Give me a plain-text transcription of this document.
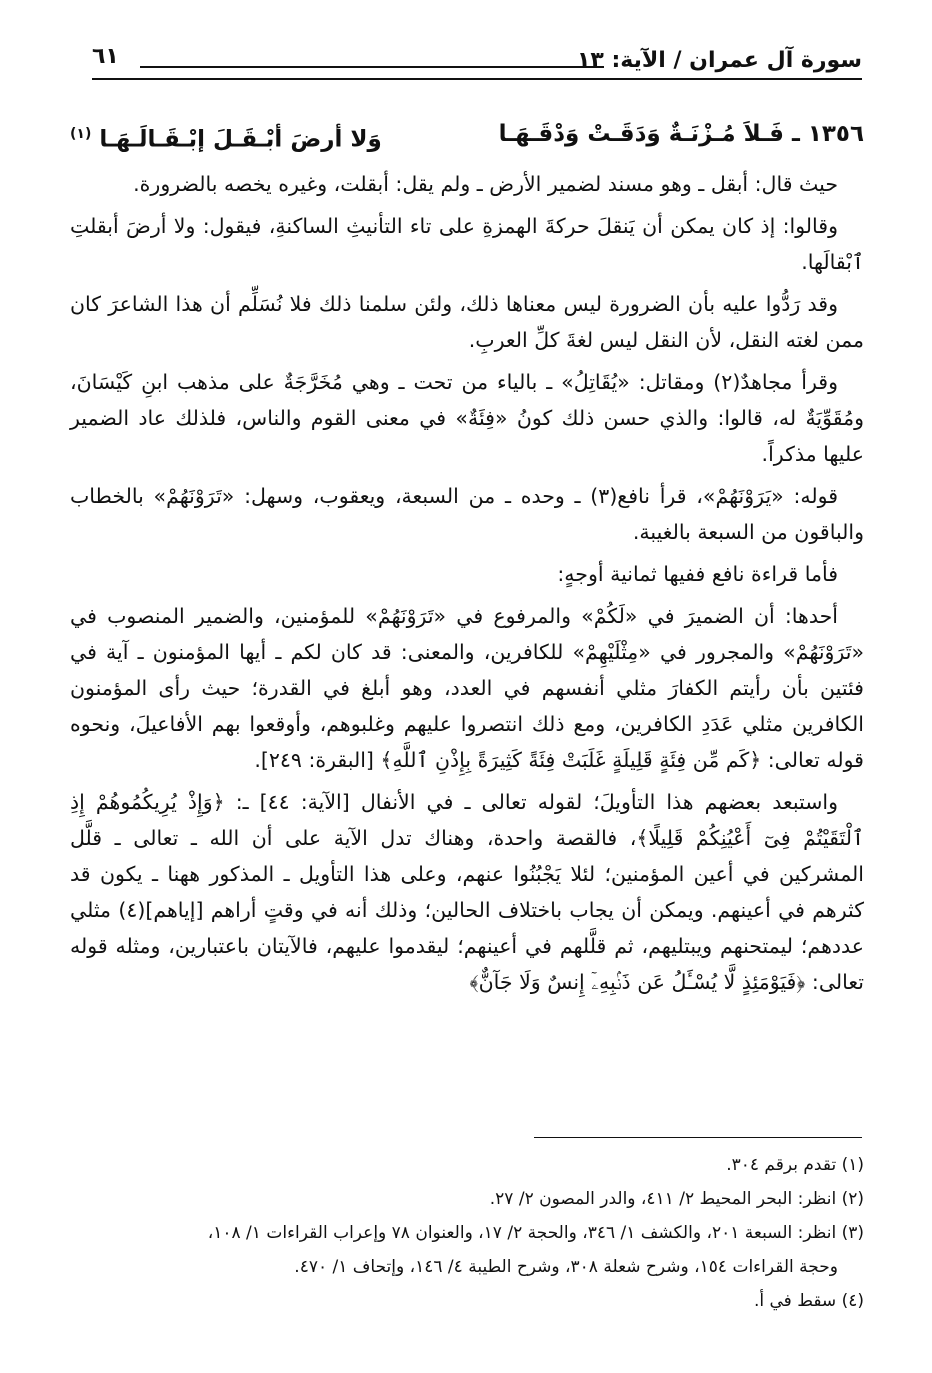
سورة آل عمران / الآية: ١٣
٦١

١٣٥٦ ـ فَـلاَ مُـزْنَـةٌ وَدَقَـتْ وَدْقَـهَـا
وَلا أرضَ أبْـقَـلَ إبْـقَـالَـهَـا $^{(١)}$

حيث قال: أبقل ـ وهو مسند لضمير الأرض ـ ولم يقل: أبقلت، وغيره يخصه بالضرورة.

وقالوا: إذ كان يمكن أن يَنقلَ حركةَ الهمزةِ على تاء التأنيثِ الساكنةِ، فيقول: ولا أرضَ أبقلتِ ٱبْقالَها.

وقد رَدُّوا عليه بأن الضرورة ليس معناها ذلك، ولئن سلمنا ذلك فلا نُسَلِّم أن هذا الشاعرَ كان ممن لغته النقل، لأن النقل ليس لغةَ كلِّ العربِ.

وقرأ مجاهدٌ(٢) ومقاتل: «يُقَاتِلُ» ـ بالياء من تحت ـ وهي مُخَرَّجَةٌ على مذهب ابنِ كَيْسَانَ، ومُقَوِّيَةٌ له، قالوا: والذي حسن ذلك كونُ «فِئَةٌ» في معنى القوم والناس، فلذلك عاد الضمير عليها مذكراً.

قوله: «يَرَوْنَهُمْ»، قرأ نافع(٣) ـ وحده ـ من السبعة، ويعقوب، وسهل: «تَرَوْنَهُمْ» بالخطاب والباقون من السبعة بالغيبة.

فأما قراءة نافع ففيها ثمانية أوجهٍ:

أحدها: أن الضميرَ في «لَكُمْ» والمرفوع في «تَرَوْنَهُمْ» للمؤمنين، والضمير المنصوب في «تَرَوْنَهُمْ» والمجرور في «مِثْلَيْهِمْ» للكافرين، والمعنى: قد كان لكم ـ أيها المؤمنون ـ آية في فئتين بأن رأيتم الكفارَ مثلي أنفسهم في العدد، وهو أبلغ في القدرة؛ حيث رأى المؤمنون الكافرين مثلي عَدَدِ الكافرين، ومع ذلك انتصروا عليهم وغلبوهم، وأوقعوا بهم الأفاعيلَ، ونحوه قوله تعالى: ﴿كَم مِّن فِئَةٍ قَلِيلَةٍ غَلَبَتْ فِئَةً كَثِيرَةً بِإِذْنِ ٱللَّهِ﴾ [البقرة: ٢٤٩].

واستبعد بعضهم هذا التأويلَ؛ لقوله تعالى ـ في الأنفال [الآية: ٤٤] ـ: ﴿وَإِذْ يُرِيكُمُوهُمْ إِذِ ٱلْتَقَيْتُمْ فِىٓ أَعْيُنِكُمْ قَلِيلًا﴾، فالقصة واحدة، وهناك تدل الآية على أن الله ـ تعالى ـ قلَّل المشركين في أعين المؤمنين؛ لئلا يَجْبُنُوا عنهم، وعلى هذا التأويل ـ المذكور ههنا ـ يكون قد كثرهم في أعينهم. ويمكن أن يجاب باختلاف الحالين؛ وذلك أنه في وقتٍ أراهم [إياهم](٤) مثلي عددهم؛ ليمتحنهم ويبتليهم، ثم قلَّلهم في أعينهم؛ ليقدموا عليهم، فالآيتان باعتبارين، ومثله قوله تعالى: ﴿فَيَوْمَئِذٍ لَّا يُسْـَٔلُ عَن ذَنۢبِهِۦٓ إِنسٌ وَلَا جَآنٌّ﴾

(١) تقدم برقم ٣٠٤.
(٢) انظر: البحر المحيط ٢/ ٤١١، والدر المصون ٢/ ٢٧.
(٣) انظر: السبعة ٢٠١، والكشف ١/ ٣٤٦، والحجة ٢/ ١٧، والعنوان ٧٨ وإعراب القراءات ١/ ١٠٨،
وحجة القراءات ١٥٤، وشرح شعلة ٣٠٨، وشرح الطيبة ٤/ ١٤٦، وإتحاف ١/ ٤٧٠.
(٤) سقط في أ.
